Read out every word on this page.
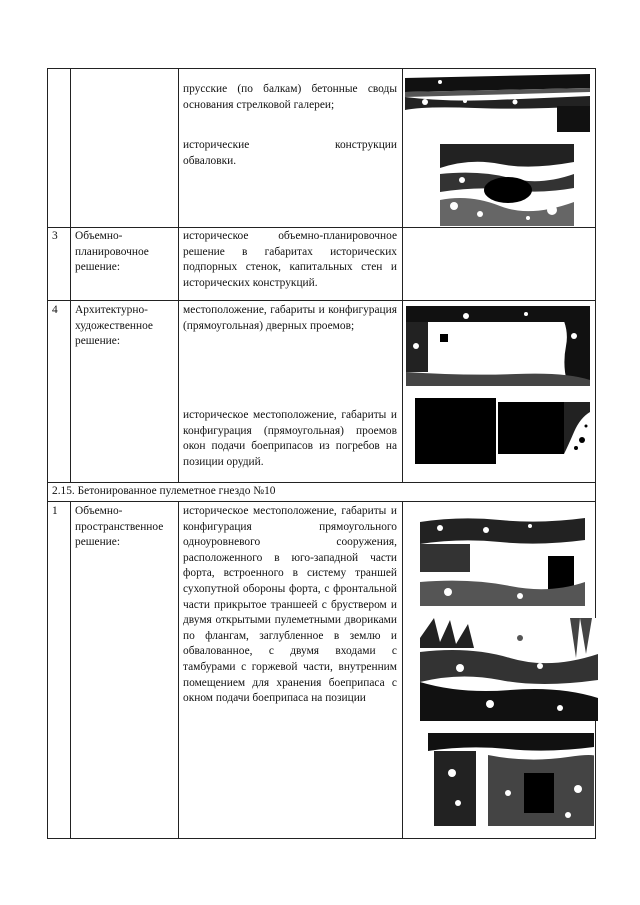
прусские (по балкам) бетонные своды основания стрелковой галереи;
исторические конструкции
обваловки.
3 Объемно-планировочное решение:
историческое объемно-планировочное решение в габаритах исторических подпорных стенок, капитальных стен и исторических конструкций.
4 Архитектурно-художественное решение:
местоположение, габариты и конфигурация (прямоугольная) дверных проемов;
историческое местоположение, габариты и конфигурация (прямоугольная) проемов окон подачи боеприпасов из погребов на позиции орудий.
2.15. Бетонированное пулеметное гнездо №10
1 Объемно-пространственное решение:
историческое местоположение, габариты и конфигурация прямоугольного одноуровневого сооружения, расположенного в юго-западной части форта, встроенного в систему траншей сухопутной обороны форта, с фронтальной части прикрытое траншеей с бруствером и двумя открытыми пулеметными двориками по флангам, заглубленное в землю и обвалованное, с двумя входами с тамбурами с горжевой части, внутренним помещением для хранения боеприпаса с окном подачи боеприпаса на позиции
